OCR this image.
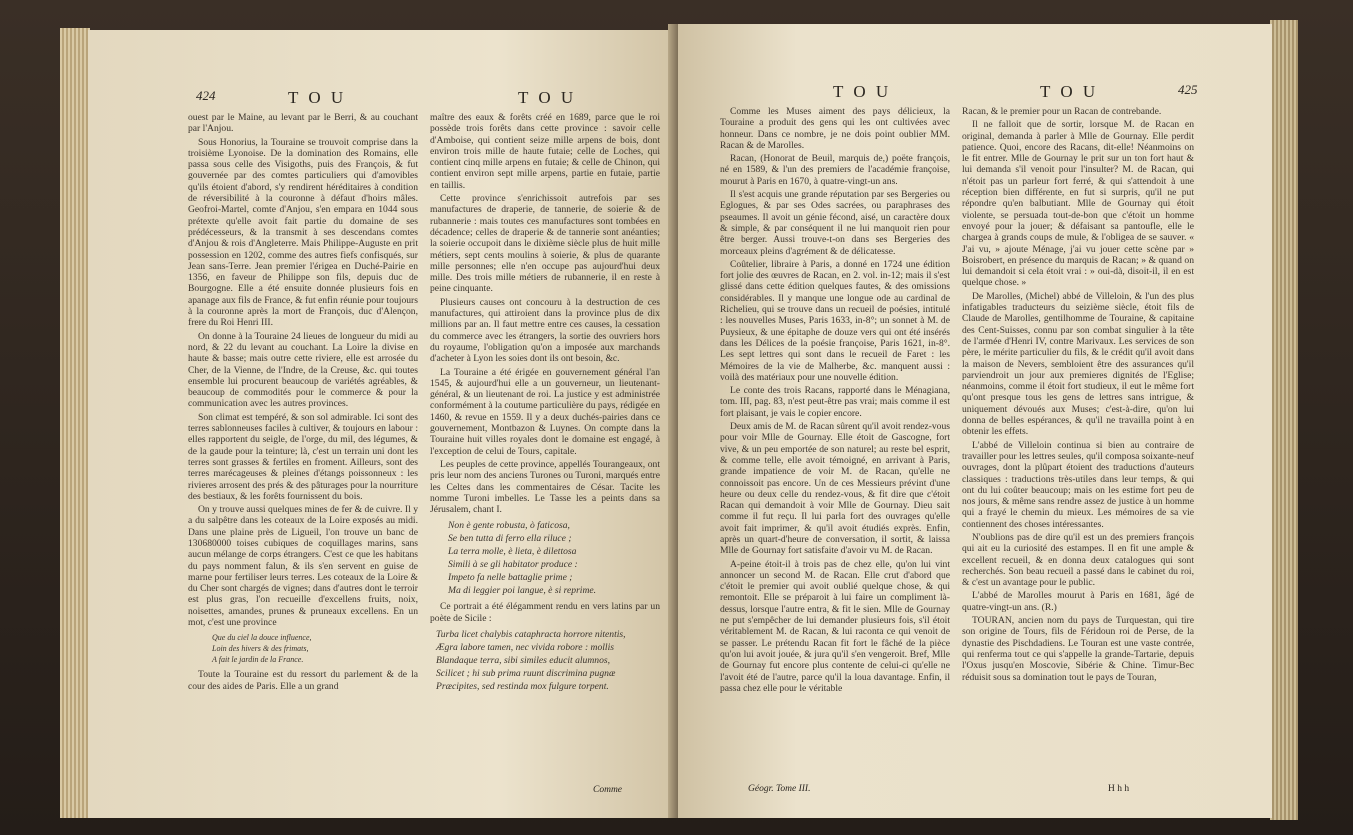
424	T O U	T O U

ouest par le Maine, au levant par le Berri, & au couchant par l'Anjou.

Sous Honorius, la Touraine se trouvoit comprise dans la troisième Lyonoise. De la domination des Romains, elle passa sous celle des Visigoths, puis des François, & fut gouvernée par des comtes particuliers qui d'amovibles qu'ils étoient d'abord, s'y rendirent héréditaires à condition de réversibilité à la couronne à défaut d'hoirs mâles. Geofroi-Martel, comte d'Anjou, s'en empara en 1044 sous prétexte qu'elle avoit fait partie du domaine de ses prédécesseurs, & la transmit à ses descendans comtes d'Anjou & rois d'Angleterre. Mais Philippe-Auguste en prit possession en 1202, comme des autres fiefs confisqués, sur Jean sans-Terre. Jean premier l'érigea en Duché-Pairie en 1356, en faveur de Philippe son fils, depuis duc de Bourgogne. Elle a été ensuite donnée plusieurs fois en apanage aux fils de France, & fut enfin réunie pour toujours à la couronne après la mort de François, duc d'Alençon, frere du Roi Henri III.

On donne à la Touraine 24 lieues de longueur du midi au nord, & 22 du levant au couchant. La Loire la divise en haute & basse; mais outre cette riviere, elle est arrosée du Cher, de la Vienne, de l'Indre, de la Creuse, &c. qui toutes ensemble lui procurent beaucoup de variétés agréables, & beaucoup de commodités pour le commerce & pour la communication avec les autres provinces.

Son climat est tempéré, & son sol admirable. Ici sont des terres sablonneuses faciles à cultiver, & toujours en labour : elles rapportent du seigle, de l'orge, du mil, des légumes, & de la gaude pour la teinture; là, c'est un terrain uni dont les terres sont grasses & fertiles en froment. Ailleurs, sont des terres marécageuses & pleines d'étangs poissonneux : les rivieres arrosent des prés & des pâturages pour la nourriture des bestiaux, & les forêts fournissent du bois.

On y trouve aussi quelques mines de fer & de cuivre. Il y a du salpêtre dans les coteaux de la Loire exposés au midi. Dans une plaine près de Ligueil, l'on trouve un banc de 130680000 toises cubiques de coquillages marins, sans aucun mélange de corps étrangers. C'est ce que les habitans du pays nomment falun, & ils s'en servent en guise de marne pour fertiliser leurs terres. Les coteaux de la Loire & du Cher sont chargés de vignes; dans d'autres dont le terroir est plus gras, l'on recueille d'excellens fruits, noix, noisettes, amandes, prunes & pruneaux excellens. En un mot, c'est une province

Que du ciel la douce influence,
Loin des hivers & des frimats,
A fait le jardin de la France.

Toute la Touraine est du ressort du parlement & de la cour des aides de Paris. Elle a un grand

maître des eaux & forêts créé en 1689, parce que le roi possède trois forêts dans cette province : savoir celle d'Amboise, qui contient seize mille arpens de bois, dont environ trois mille de haute futaie; celle de Loches, qui contient cinq mille arpens en futaie; & celle de Chinon, qui contient environ sept mille arpens, partie en futaie, partie en taillis.

Cette province s'enrichissoit autrefois par ses manufactures de draperie, de tannerie, de soierie & de rubannerie : mais toutes ces manufactures sont tombées en décadence; celles de draperie & de tannerie sont anéanties; la soierie occupoit dans le dixième siècle plus de huit mille métiers, sept cents moulins à soierie, & plus de quarante mille personnes; elle n'en occupe pas aujourd'hui deux mille. Des trois mille métiers de rubannerie, il en reste à peine cinquante.

Plusieurs causes ont concouru à la destruction de ces manufactures, qui attiroient dans la province plus de dix millions par an. Il faut mettre entre ces causes, la cessation du commerce avec les étrangers, la sortie des ouvriers hors du royaume, l'obligation qu'on a imposée aux marchands d'acheter à Lyon les soies dont ils ont besoin, &c.

La Touraine a été érigée en gouvernement général l'an 1545, & aujourd'hui elle a un gouverneur, un lieutenant-général, & un lieutenant de roi. La justice y est administrée conformément à la coutume particulière du pays, rédigée en 1460, & revue en 1559. Il y a deux duchés-pairies dans ce gouvernement, Montbazon & Luynes. On compte dans la Touraine huit villes royales dont le domaine est engagé, à l'exception de celui de Tours, capitale.

Les peuples de cette province, appellés Tourangeaux, ont pris leur nom des anciens Turones ou Turoni, marqués entre les Celtes dans les commentaires de César. Tacite les nomme Turoni imbelles. Le Tasse les a peints dans sa Jérusalem, chant I.

Non è gente robusta, ò faticosa,
Se ben tutta di ferro ella riluce ;
La terra molle, è lieta, è dilettosa
Simili à se gli habitator produce :
Impeto fa nelle battaglie prime ;
Ma di leggier poi langue, è si reprime.

Ce portrait a été élégamment rendu en vers latins par un poète de Sicile :

Turba licet chalybis cataphracta horrore nitentis,
Ægra labore tamen, nec vivida robore : mollis
Blandaque terra, sibi similes educit alumnos,
Scilicet ; hi sub prima ruunt discrimina pugnæ
Præcipites, sed restinda mox fulgure torpent.
Comme
T O U	T O U	425

Comme les Muses aiment des pays délicieux, la Touraine a produit des gens qui les ont cultivées avec honneur. Dans ce nombre, je ne dois point oublier MM. Racan & de Marolles.

Racan, (Honorat de Beuil, marquis de,) poëte françois, né en 1589, & l'un des premiers de l'académie françoise, mourut à Paris en 1670, à quatre-vingt-un ans.

Il s'est acquis une grande réputation par ses Bergeries ou Eglogues, & par ses Odes sacrées, ou paraphrases des pseaumes. Il avoit un génie fécond, aisé, un caractère doux & simple, & par conséquent il ne lui manquoit rien pour être berger. Aussi trouve-t-on dans ses Bergeries des morceaux pleins d'agrément & de délicatesse.

Coûtelier, libraire à Paris, a donné en 1724 une édition fort jolie des œuvres de Racan, en 2. vol. in-12; mais il s'est glissé dans cette édition quelques fautes, & des omissions considérables. Il y manque une longue ode au cardinal de Richelieu, qui se trouve dans un recueil de poésies, intitulé : les nouvelles Muses, Paris 1633, in-8°; un sonnet à M. de Puysieux, & une épitaphe de douze vers qui ont été insérés dans les Délices de la poésie françoise, Paris 1621, in-8°. Les sept lettres qui sont dans le recueil de Faret : les Mémoires de la vie de Malherbe, &c. manquent aussi : voilà des matériaux pour une nouvelle édition.

Le conte des trois Racans, rapporté dans le Ménagiana, tom. III, pag. 83, n'est peut-être pas vrai; mais comme il est fort plaisant, je vais le copier encore.

Deux amis de M. de Racan sûrent qu'il avoit rendez-vous pour voir Mlle de Gournay. Elle étoit de Gascogne, fort vive, & un peu emportée de son naturel; au reste bel esprit, & comme telle, elle avoit témoigné, en arrivant à Paris, grande impatience de voir M. de Racan, qu'elle ne connoissoit pas encore. Un de ces Messieurs prévint d'une heure ou deux celle du rendez-vous, & fit dire que c'étoit Racan qui demandoit à voir Mlle de Gournay. Dieu sait comme il fut reçu. Il lui parla fort des ouvrages qu'elle avoit fait imprimer, & qu'il avoit étudiés exprès. Enfin, après un quart-d'heure de conversation, il sortit, & laissa Mlle de Gournay fort satisfaite d'avoir vu M. de Racan.

A-peine étoit-il à trois pas de chez elle, qu'on lui vint annoncer un second M. de Racan. Elle crut d'abord que c'étoit le premier qui avoit oublié quelque chose, & qui remontoit. Elle se préparoit à lui faire un compliment là-dessus, lorsque l'autre entra, & fit le sien. Mlle de Gournay ne put s'empêcher de lui demander plusieurs fois, s'il étoit véritablement M. de Racan, & lui raconta ce qui venoit de se passer. Le prétendu Racan fit fort le fâché de la pièce qu'on lui avoit jouée, & jura qu'il s'en vengeroit. Bref, Mlle de Gournay fut encore plus contente de celui-ci qu'elle ne l'avoit été de l'autre, parce qu'il la loua davantage. Enfin, il passa chez elle pour le véritable

Géogr. Tome III.

Racan, & le premier pour un Racan de contrebande.

Il ne falloit que de sortir, lorsque M. de Racan en original, demanda à parler à Mlle de Gournay. Elle perdit patience. Quoi, encore des Racans, dit-elle! Néanmoins on le fit entrer. Mlle de Gournay le prit sur un ton fort haut & lui demanda s'il venoit pour l'insulter? M. de Racan, qui n'étoit pas un parleur fort ferré, & qui s'attendoit à une réception bien différente, en fut si surpris, qu'il ne put répondre qu'en balbutiant. Mlle de Gournay qui étoit violente, se persuada tout-de-bon que c'étoit un homme envoyé pour la jouer; & défaisant sa pantoufle, elle le chargea à grands coups de mule, & l'obligea de se sauver. « J'ai vu, » ajoute Ménage, j'ai vu jouer cette scène par » Boisrobert, en présence du marquis de Racan; » & quand on lui demandoit si cela étoit vrai : » oui-dà, disoit-il, il en est quelque chose. »

De Marolles, (Michel) abbé de Villeloin, & l'un des plus infatigables traducteurs du seizième siècle, étoit fils de Claude de Marolles, gentilhomme de Touraine, & capitaine des Cent-Suisses, connu par son combat singulier à la tête de l'armée d'Henri IV, contre Marivaux. Les services de son père, le mérite particulier du fils, & le crédit qu'il avoit dans la maison de Nevers, sembloient être des assurances qu'il parviendroit un jour aux premieres dignités de l'Eglise; néanmoins, comme il étoit fort studieux, il eut le même fort qu'ont presque tous les gens de lettres sans intrigue, & uniquement dévoués aux Muses; c'est-à-dire, qu'on lui donna de belles espérances, & qu'il ne travailla point à en obtenir les effets.

L'abbé de Villeloin continua si bien au contraire de travailler pour les lettres seules, qu'il composa soixante-neuf ouvrages, dont la plûpart étoient des traductions d'auteurs classiques : traductions très-utiles dans leur temps, & qui ont du lui coûter beaucoup; mais on les estime fort peu de nos jours, & même sans rendre assez de justice à un homme qui a frayé le chemin du mieux. Les mémoires de sa vie contiennent des choses intéressantes.

N'oublions pas de dire qu'il est un des premiers françois qui ait eu la curiosité des estampes. Il en fit une ample & excellent recueil, & en donna deux catalogues qui sont recherchés. Son beau recueil a passé dans le cabinet du roi, & c'est un avantage pour le public.

L'abbé de Marolles mourut à Paris en 1681, âgé de quatre-vingt-un ans. (R.)

TOURAN, ancien nom du pays de Turquestan, qui tire son origine de Tours, fils de Féridoun roi de Perse, de la dynastie des Pischdadiens. Le Touran est une vaste contrée, qui renferma tout ce qui s'appelle la grande-Tartarie, depuis l'Oxus jusqu'en Moscovie, Sibérie & Chine. Timur-Bec réduisit sous sa domination tout le pays de Touran,

H h h
